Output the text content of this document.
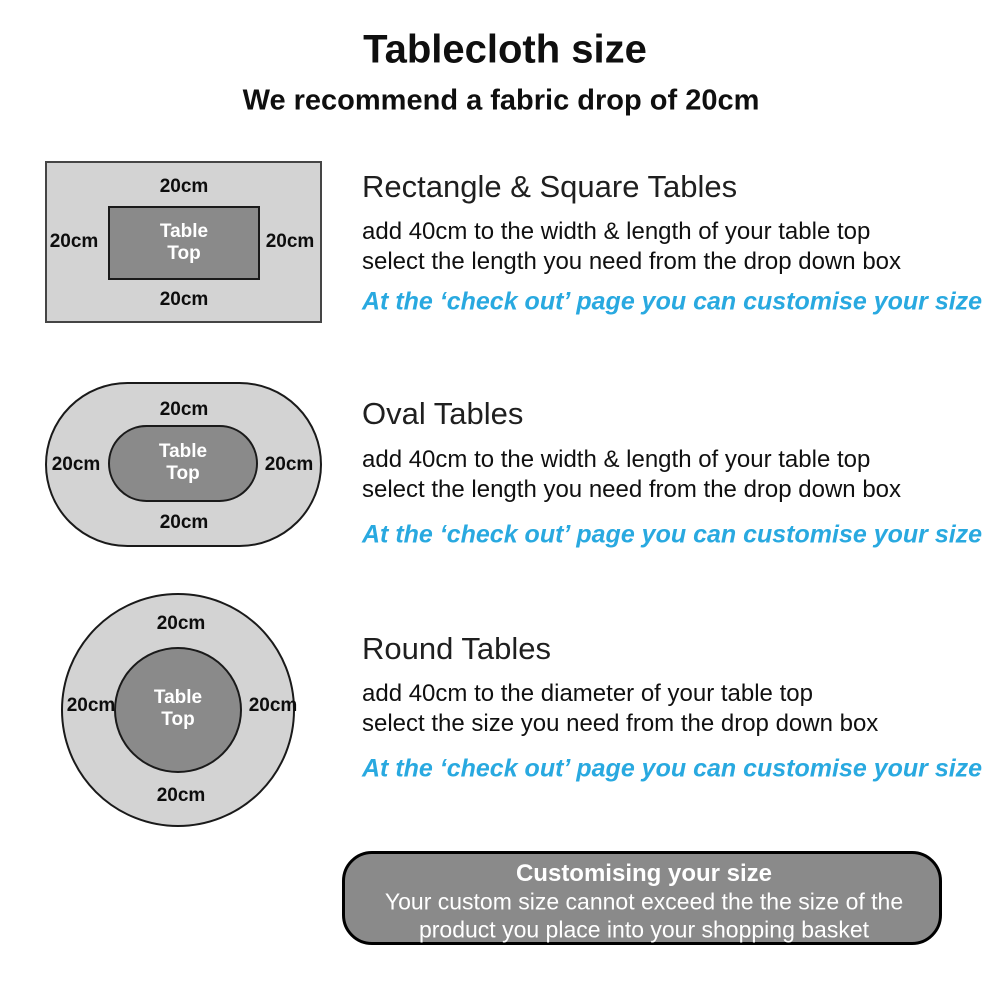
Tablecloth size
We recommend a fabric drop of 20cm
Table
Top
20cm
20cm
20cm	20cm
Rectangle & Square Tables
add 40cm to the width & length of your table top
select the length you need from the drop down box
At the ‘check out’ page you can customise your size
Table
Top
20cm
20cm
20cm	20cm
Oval Tables
add 40cm to the width & length of your table top
select the length you need from the drop down box
At the ‘check out’ page you can customise your size
Table
Top
20cm
20cm
20cm	20cm
Round Tables
add 40cm to the diameter of your table top
select the size you need from the drop down box
At the ‘check out’ page you can customise your size
Customising your size
Your custom size cannot exceed the the size of the
product you place into your shopping basket
